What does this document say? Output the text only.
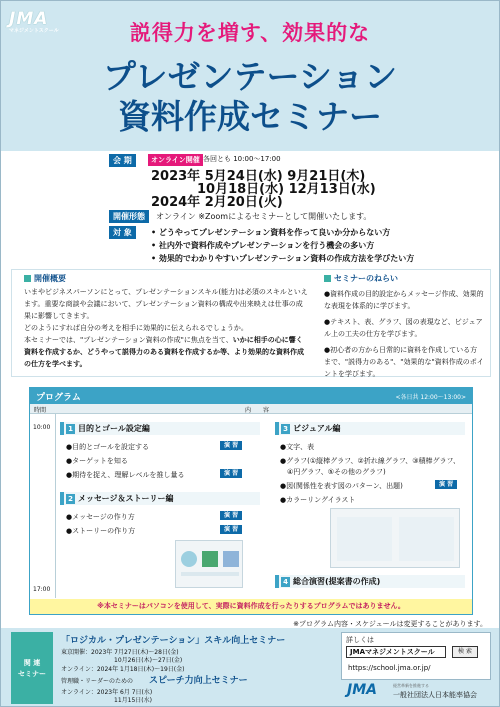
JMA
マネジメントスクール	説得力を増す、効果的な
プレゼンテーション
資料作成セミナー
会 期	オンライン開催 各回とも 10:00～17:00
2023年 5月24日(水) 9月21日(木)
10月18日(水) 12月13日(水)
2024年 2月20日(火)
開催形態	オンライン ※Zoomによるセミナーとして開催いたします。
対 象	• どうやってプレゼンテーション資料を作って良いか分からない方
• 社内外で資料作成やプレゼンテーションを行う機会の多い方
• 効果的でわかりやすいプレゼンテーション資料の作成方法を学びたい方
開催概要

いまやビジネスパーソンにとって、プレゼンテーションスキル(能力)は必須のスキルといえます。重要な商談や会議において、プレゼンテーション資料の構成や出来映えは仕事の成果に影響してきます。

どのようにすれば自分の考えを相手に効果的に伝えられるでしょうか。

本セミナーでは、"プレゼンテーション資料の作成"に焦点を当て、いかに相手の心に響く資料を作成するか、どうやって説得力のある資料を作成するか等、より効果的な資料作成の仕方を学べます。

セミナーのねらい
●資料作成の目的設定からメッセージ作成、効果的な表現を体系的に学びます。
●テキスト、表、グラフ、図の表現など、ビジュアル上の工夫の仕方を学びます。
●初心者の方から日常的に資料を作成している方まで、"説得力のある"、"効果的な"資料作成のポイントを学びます。
プログラム	<各日共 12:00～13:00>
時間	内　　容
10:00
17:00
1 目的とゴール設定編
●目的とゴールを設定する
●ターゲットを知る
●期待を捉え、理解レベルを推し量る
演 習
演 習
2 メッセージ＆ストーリー編
●メッセージの作り方
●ストーリーの作り方
演 習
演 習
3 ビジュアル編
●文字、表
●グラフ(①縦棒グラフ、②折れ線グラフ、③積棒グラフ、
　④円グラフ、⑤その他のグラフ)
●図(関係性を表す図のパターン、出題)
●カラーリングイラスト
演 習
4 総合演習(提案書の作成)
※本セミナーはパソコンを使用して、実際に資料作成を行ったりするプログラムではありません。
※プログラム内容・スケジュールは変更することがあります。
関 連
セミナー
「ロジカル・プレゼンテーション」スキル向上セミナー
東京開催：2023年 7月27日(木)～28日(金)
10月26日(木)～27日(金)
オンライン：2024年 1月18日(木)～19日(金)
管理職・リーダーのための スピーチ力向上セミナー
オンライン：2023年 6月 7日(水)
11月15日(水)
詳しくは
JMAマネジメントスクール	検 索
https://school.jma.or.jp/
JMA	経営革新を推進する
一般社団法人日本能率協会
